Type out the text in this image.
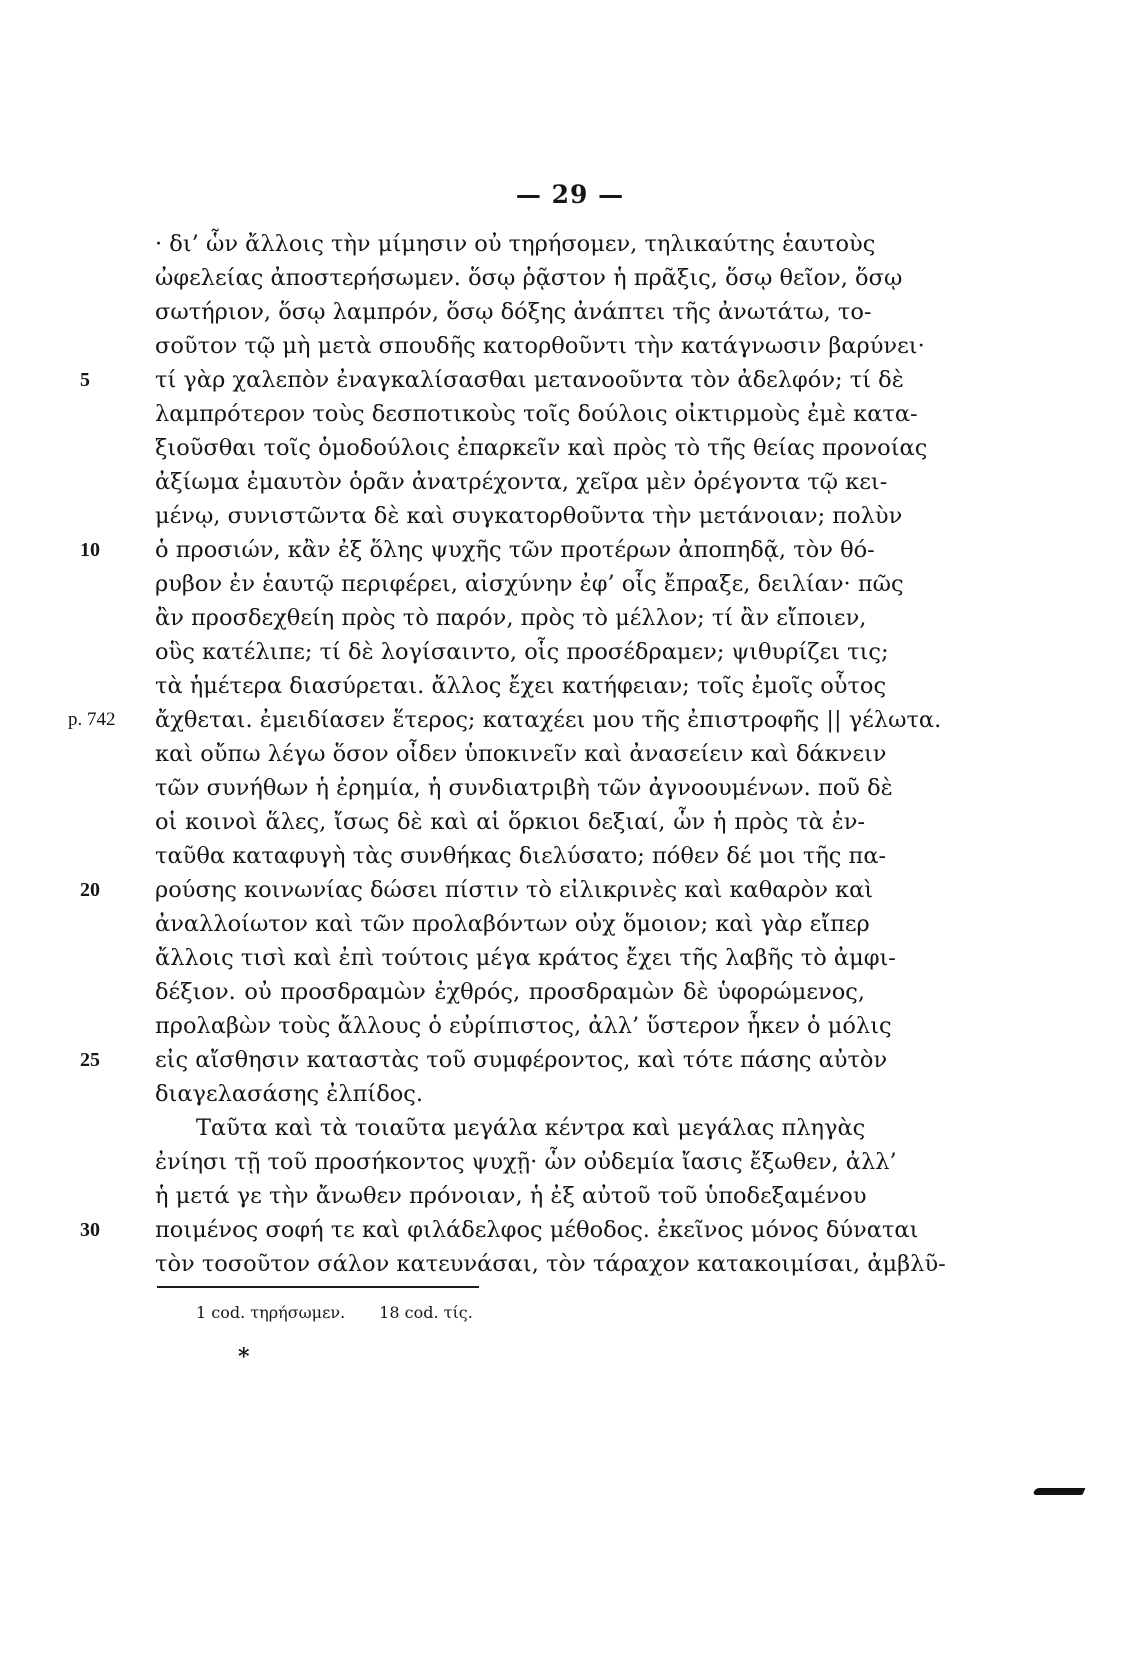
— 29 —
· δι’ ὧν ἄλλοις τὴν μίμησιν οὐ τηρήσομεν, τηλικαύτης ἑαυτοὺς
ὠφελείας ἀποστερήσωμεν. ὅσῳ ῥᾷστον ἡ πρᾶξις, ὅσῳ θεῖον, ὅσῳ
σωτήριον, ὅσῳ λαμπρόν, ὅσῳ δόξης ἀνάπτει τῆς ἀνωτάτω, το-
σοῦτον τῷ μὴ μετὰ σπουδῆς κατορθοῦντι τὴν κατάγνωσιν βαρύνει·
τί γὰρ χαλεπὸν ἐναγκαλίσασθαι μετανοοῦντα τὸν ἀδελφόν; τί δὲ
λαμπρότερον τοὺς δεσποτικοὺς τοῖς δούλοις οἰκτιρμοὺς ἐμὲ κατα-
ξιοῦσθαι τοῖς ὁμοδούλοις ἐπαρκεῖν καὶ πρὸς τὸ τῆς θείας προνοίας
ἀξίωμα ἐμαυτὸν ὁρᾶν ἀνατρέχοντα, χεῖρα μὲν ὀρέγοντα τῷ κει-
μένῳ, συνιστῶντα δὲ καὶ συγκατορθοῦντα τὴν μετάνοιαν; πολὺν
ὁ προσιών, κἂν ἐξ ὅλης ψυχῆς τῶν προτέρων ἀποπηδᾷ, τὸν θό-
ρυβον ἐν ἑαυτῷ περιφέρει, αἰσχύνην ἐφ’ οἷς ἔπραξε, δειλίαν· πῶς
ἂν προσδεχθείη πρὸς τὸ παρόν, πρὸς τὸ μέλλον; τί ἂν εἴποιεν,
οὓς κατέλιπε; τί δὲ λογίσαιντο, οἷς προσέδραμεν; ψιθυρίζει τις;
τὰ ἡμέτερα διασύρεται. ἄλλος ἔχει κατήφειαν; τοῖς ἐμοῖς οὗτος
ἄχθεται. ἐμειδίασεν ἕτερος; καταχέει μου τῆς ἐπιστροφῆς || γέλωτα.
καὶ οὔπω λέγω ὅσον οἶδεν ὑποκινεῖν καὶ ἀνασείειν καὶ δάκνειν
τῶν συνήθων ἡ ἐρημία, ἡ συνδιατριβὴ τῶν ἀγνοουμένων. ποῦ δὲ
οἱ κοινοὶ ἅλες, ἴσως δὲ καὶ αἱ ὅρκιοι δεξιαί, ὧν ἡ πρὸς τὰ ἐν-
ταῦθα καταφυγὴ τὰς συνθήκας διελύσατο; πόθεν δέ μοι τῆς πα-
ρούσης κοινωνίας δώσει πίστιν τὸ εἰλικρινὲς καὶ καθαρὸν καὶ
ἀναλλοίωτον καὶ τῶν προλαβόντων οὐχ ὅμοιον; καὶ γὰρ εἴπερ
ἄλλοις τισὶ καὶ ἐπὶ τούτοις μέγα κράτος ἔχει τῆς λαβῆς τὸ ἀμφι-
δέξιον. οὐ προσδραμὼν ἐχθρός, προσδραμὼν δὲ ὑφορώμενος,
προλαβὼν τοὺς ἄλλους ὁ εὐρίπιστος, ἀλλ’ ὕστερον ἧκεν ὁ μόλις
εἰς αἴσθησιν καταστὰς τοῦ συμφέροντος, καὶ τότε πάσης αὐτὸν
διαγελασάσης ἐλπίδος.
Ταῦτα καὶ τὰ τοιαῦτα μεγάλα κέντρα καὶ μεγάλας πληγὰς
ἐνίησι τῇ τοῦ προσήκοντος ψυχῇ· ὧν οὐδεμία ἴασις ἔξωθεν, ἀλλ’
ἡ μετά γε τὴν ἄνωθεν πρόνοιαν, ἡ ἐξ αὐτοῦ τοῦ ὑποδεξαμένου
ποιμένος σοφή τε καὶ φιλάδελφος μέθοδος. ἐκεῖνος μόνος δύναται
τὸν τοσοῦτον σάλον κατευνάσαι, τὸν τάραχον κατακοιμίσαι, ἀμβλῦ-
5
10
p. 742
20
25
30
1 cod. τηρήσωμεν. 18 cod. τίς.
*
